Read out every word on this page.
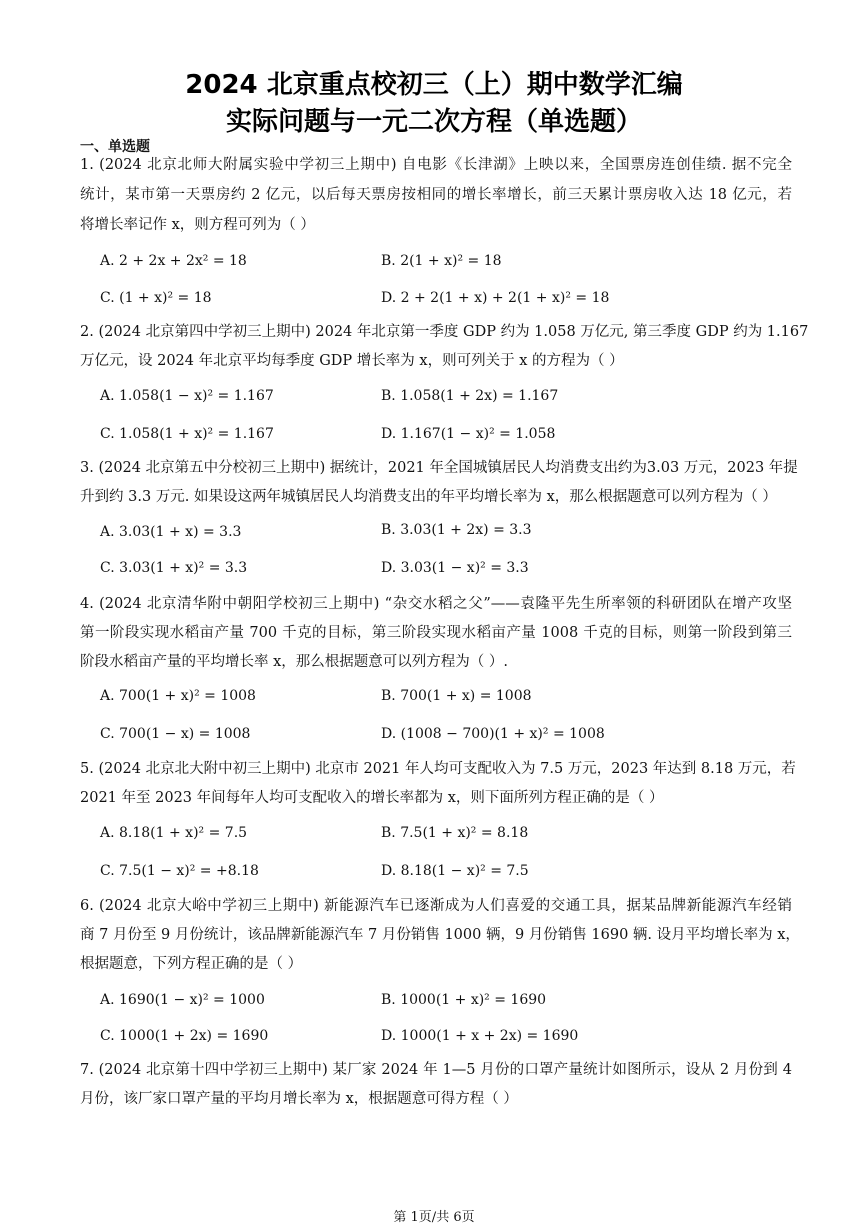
2024 北京重点校初三（上）期中数学汇编
实际问题与一元二次方程（单选题）
一、单选题
1. (2024 北京北师大附属实验中学初三上期中) 自电影《长津湖》上映以来，全国票房连创佳绩. 据不完全
统计，某市第一天票房约 2 亿元，以后每天票房按相同的增长率增长，前三天累计票房收入达 18 亿元，若
将增长率记作 x，则方程可列为（ ）
A. 2 + 2x + 2x² = 18	B. 2(1 + x)² = 18
C. (1 + x)² = 18	D. 2 + 2(1 + x) + 2(1 + x)² = 18
2. (2024 北京第四中学初三上期中) 2024 年北京第一季度 GDP 约为 1.058 万亿元, 第三季度 GDP 约为 1.167
万亿元，设 2024 年北京平均每季度 GDP 增长率为 x，则可列关于 x 的方程为（ ）
A. 1.058(1 − x)² = 1.167	B. 1.058(1 + 2x) = 1.167
C. 1.058(1 + x)² = 1.167	D. 1.167(1 − x)² = 1.058
3. (2024 北京第五中分校初三上期中) 据统计，2021 年全国城镇居民人均消费支出约为3.03 万元，2023 年提
升到约 3.3 万元. 如果设这两年城镇居民人均消费支出的年平均增长率为 x，那么根据题意可以列方程为（ ）
A. 3.03(1 + x) = 3.3	B. 3.03(1 + 2x) = 3.3
C. 3.03(1 + x)² = 3.3	D. 3.03(1 − x)² = 3.3
4. (2024 北京清华附中朝阳学校初三上期中) “杂交水稻之父”——袁隆平先生所率领的科研团队在增产攻坚
第一阶段实现水稻亩产量 700 千克的目标，第三阶段实现水稻亩产量 1008 千克的目标，则第一阶段到第三
阶段水稻亩产量的平均增长率 x，那么根据题意可以列方程为（ ）.
A. 700(1 + x)² = 1008	B. 700(1 + x) = 1008
C. 700(1 − x) = 1008	D. (1008 − 700)(1 + x)² = 1008
5. (2024 北京北大附中初三上期中) 北京市 2021 年人均可支配收入为 7.5 万元，2023 年达到 8.18 万元，若
2021 年至 2023 年间每年人均可支配收入的增长率都为 x，则下面所列方程正确的是（ ）
A. 8.18(1 + x)² = 7.5	B. 7.5(1 + x)² = 8.18
C. 7.5(1 − x)² = +8.18	D. 8.18(1 − x)² = 7.5
6. (2024 北京大峪中学初三上期中) 新能源汽车已逐渐成为人们喜爱的交通工具，据某品牌新能源汽车经销
商 7 月份至 9 月份统计，该品牌新能源汽车 7 月份销售 1000 辆，9 月份销售 1690 辆. 设月平均增长率为 x，
根据题意，下列方程正确的是（ ）
A. 1690(1 − x)² = 1000	B. 1000(1 + x)² = 1690
C. 1000(1 + 2x) = 1690	D. 1000(1 + x + 2x) = 1690
7. (2024 北京第十四中学初三上期中) 某厂家 2024 年 1—5 月份的口罩产量统计如图所示，设从 2 月份到 4
月份，该厂家口罩产量的平均月增长率为 x，根据题意可得方程（ ）
第 1页/共 6页
